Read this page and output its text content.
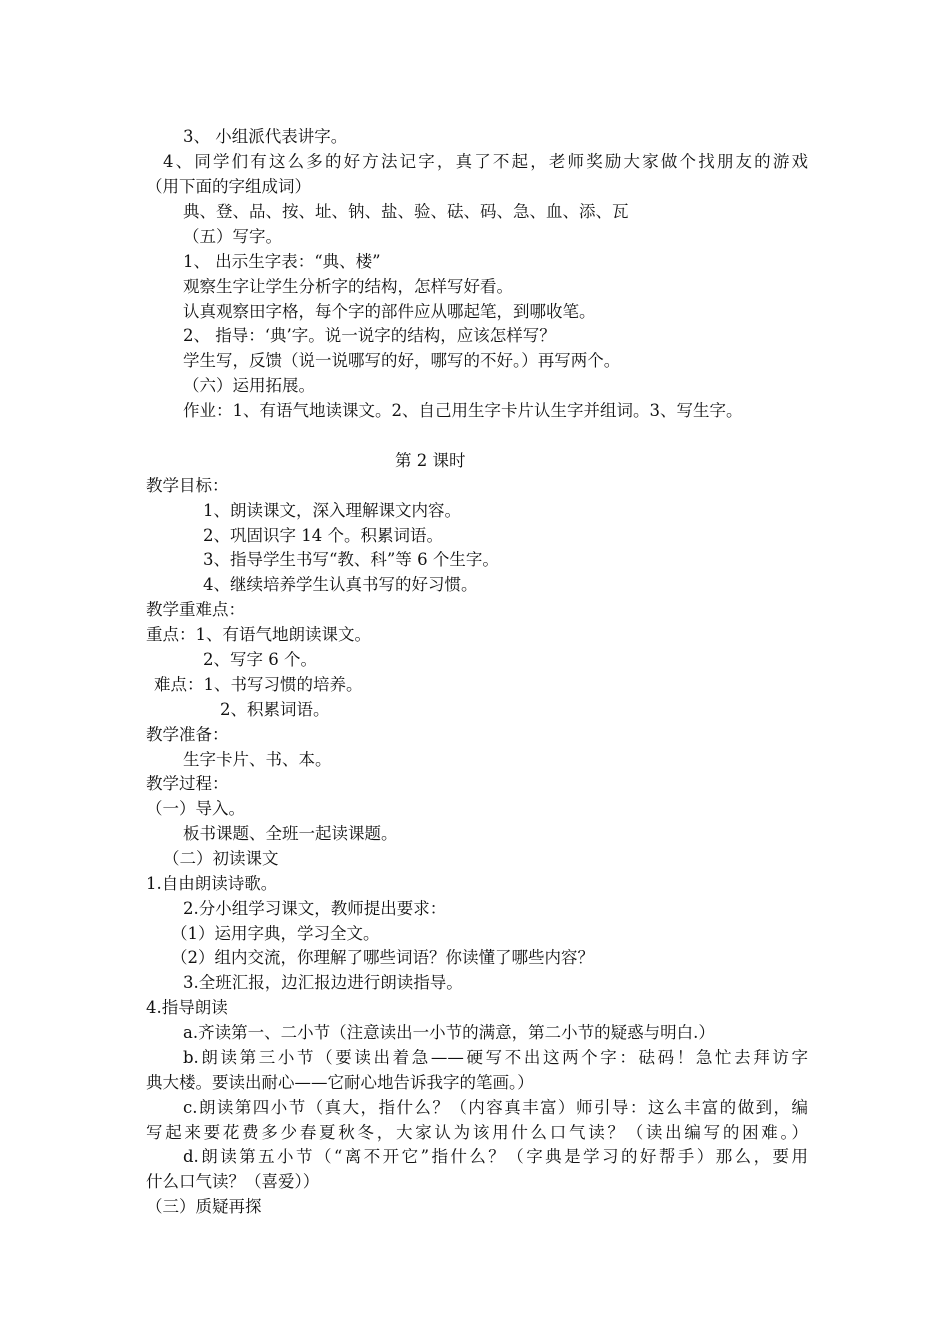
3、 小组派代表讲字。
4、同学们有这么多的好方法记字，真了不起，老师奖励大家做个找朋友的游戏
（用下面的字组成词）
典、登、品、按、址、钠、盐、验、砝、码、急、血、添、瓦
（五）写字。
1、 出示生字表：“典、楼”
观察生字让学生分析字的结构，怎样写好看。
认真观察田字格，每个字的部件应从哪起笔，到哪收笔。
2、 指导：‘典’字。说一说字的结构，应该怎样写？
学生写，反馈（说一说哪写的好，哪写的不好。）再写两个。
（六）运用拓展。
作业：1、有语气地读课文。2、自己用生字卡片认生字并组词。3、写生字。
第 2 课时
教学目标：
1、朗读课文，深入理解课文内容。
2、巩固识字 14 个。积累词语。
3、指导学生书写“教、科”等 6 个生字。
4、继续培养学生认真书写的好习惯。
教学重难点：
重点：1、有语气地朗读课文。
2、写字 6 个。
难点：1、书写习惯的培养。
2、积累词语。
教学准备：
生字卡片、书、本。
教学过程：
（一）导入。
板书课题、全班一起读课题。
（二）初读课文
1.自由朗读诗歌。
2.分小组学习课文，教师提出要求：
（1）运用字典，学习全文。
（2）组内交流，你理解了哪些词语？你读懂了哪些内容？
3.全班汇报，边汇报边进行朗读指导。
4.指导朗读
a.齐读第一、二小节（注意读出一小节的满意，第二小节的疑惑与明白.）
b.朗读第三小节（要读出着急——硬写不出这两个字：砝码！急忙去拜访字
典大楼。要读出耐心——它耐心地告诉我字的笔画。）
c.朗读第四小节（真大，指什么？（内容真丰富）师引导：这么丰富的做到，编
写起来要花费多少春夏秋冬，大家认为该用什么口气读？（读出编写的困难。）
d.朗读第五小节（“离不开它”指什么？（字典是学习的好帮手）那么，要用
什么口气读？（喜爱））
（三）质疑再探
